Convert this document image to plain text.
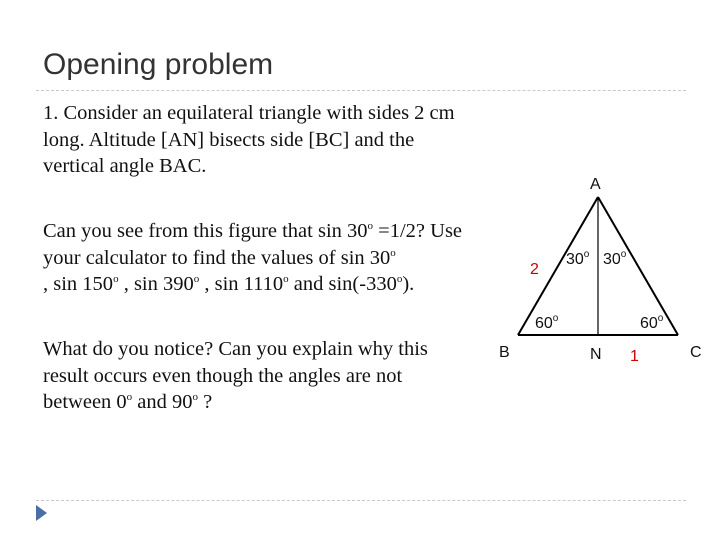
Opening problem

1. Consider an equilateral triangle with sides 2 cm long. Altitude [AN] bisects side [BC] and the vertical angle BAC.

Can you see from this figure that $\sin 30^o =1/2$? Use your calculator to find the values of sin 30$^o$
, sin 150$^o$ , sin 390$^o$ , sin 1110$^o$ and sin(-330$^o$).

What do you notice? Can you explain why this result occurs even though the angles are not between 0$^o$ and 90$^o$ ?

A
B	C
N
2
1
30$^o$ 30$^o$
60$^o$	60$^o$
